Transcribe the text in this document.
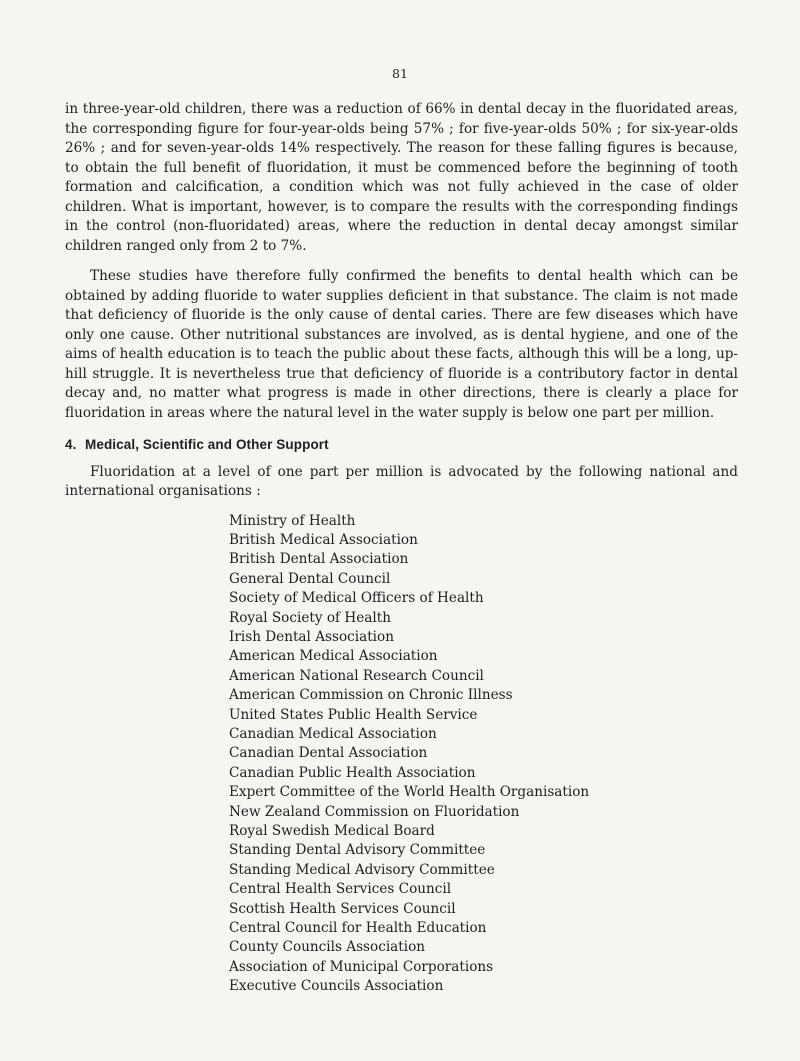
81

in three-year-old children, there was a reduction of 66% in dental decay in the fluoridated areas, the corresponding figure for four-year-olds being 57% ; for five-year-olds 50% ; for six-year-olds 26% ; and for seven-year-olds 14% respectively. The reason for these falling figures is because, to obtain the full benefit of fluoridation, it must be commenced before the beginning of tooth formation and calcification, a condition which was not fully achieved in the case of older children. What is important, however, is to compare the results with the corresponding findings in the control (non-fluoridated) areas, where the reduction in dental decay amongst similar children ranged only from 2 to 7%.

These studies have therefore fully confirmed the benefits to dental health which can be obtained by adding fluoride to water supplies deficient in that substance. The claim is not made that deficiency of fluoride is the only cause of dental caries. There are few diseases which have only one cause. Other nutritional substances are involved, as is dental hygiene, and one of the aims of health education is to teach the public about these facts, although this will be a long, up-hill struggle. It is nevertheless true that deficiency of fluoride is a contributory factor in dental decay and, no matter what progress is made in other directions, there is clearly a place for fluoridation in areas where the natural level in the water supply is below one part per million.

4. Medical, Scientific and Other Support

Fluoridation at a level of one part per million is advocated by the following national and international organisations :

Ministry of Health
British Medical Association
British Dental Association
General Dental Council
Society of Medical Officers of Health
Royal Society of Health
Irish Dental Association
American Medical Association
American National Research Council
American Commission on Chronic Illness
United States Public Health Service
Canadian Medical Association
Canadian Dental Association
Canadian Public Health Association
Expert Committee of the World Health Organisation
New Zealand Commission on Fluoridation
Royal Swedish Medical Board
Standing Dental Advisory Committee
Standing Medical Advisory Committee
Central Health Services Council
Scottish Health Services Council
Central Council for Health Education
County Councils Association
Association of Municipal Corporations
Executive Councils Association
